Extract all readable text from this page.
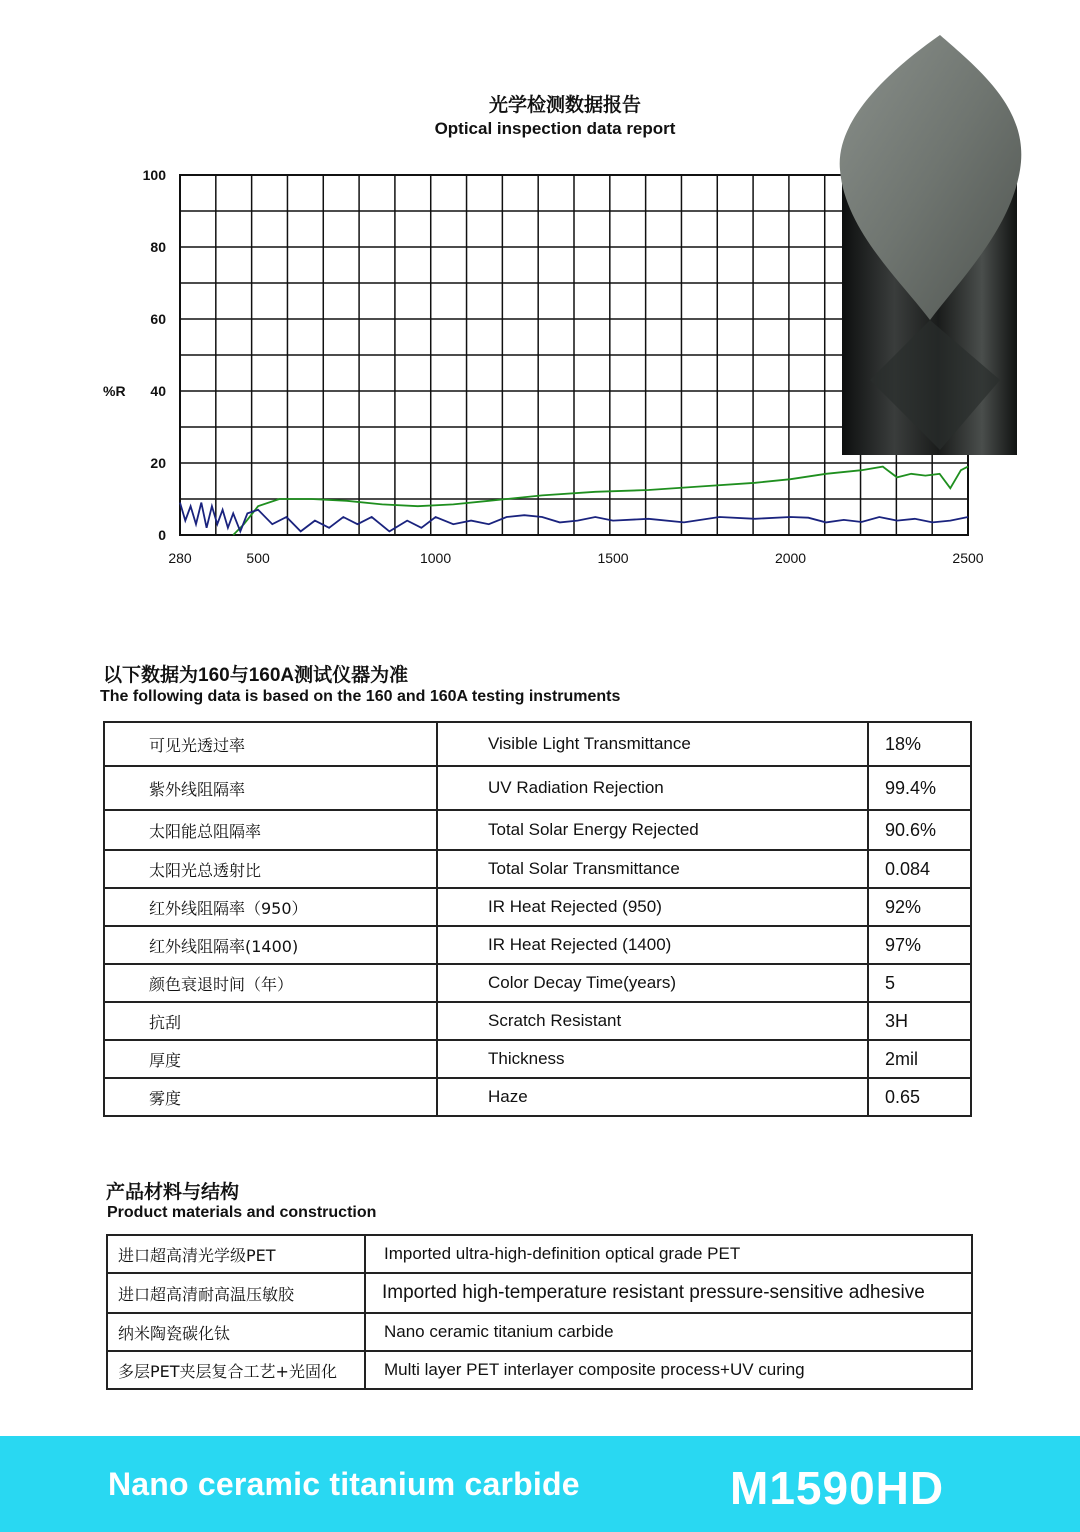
光学检测数据报告
Optical inspection data report
100
80
60
40
20
0
%R
280	500	1000	1500	2000	2500
以下数据为160与160A测试仪器为准
The following data is based on the 160 and 160A testing instruments
可见光透过率	Visible Light Transmittance	18%
紫外线阻隔率	UV Radiation Rejection	99.4%
太阳能总阻隔率	Total Solar Energy Rejected	90.6%
太阳光总透射比	Total Solar Transmittance	0.084
红外线阻隔率（950）	IR Heat Rejected (950)	92%
红外线阻隔率(1400)	IR Heat Rejected (1400)	97%
颜色衰退时间（年）	Color Decay Time(years)	5
抗刮	Scratch Resistant	3H
厚度	Thickness	2mil
雾度	Haze	0.65
产品材料与结构
Product materials and construction
进口超高清光学级PET	Imported ultra-high-definition optical grade PET
进口超高清耐高温压敏胶	Imported high-temperature resistant pressure-sensitive adhesive
纳米陶瓷碳化钛	Nano ceramic titanium carbide
多层PET夹层复合工艺+光固化	Multi layer PET interlayer composite process+UV curing
Nano ceramic titanium carbide	M1590HD
